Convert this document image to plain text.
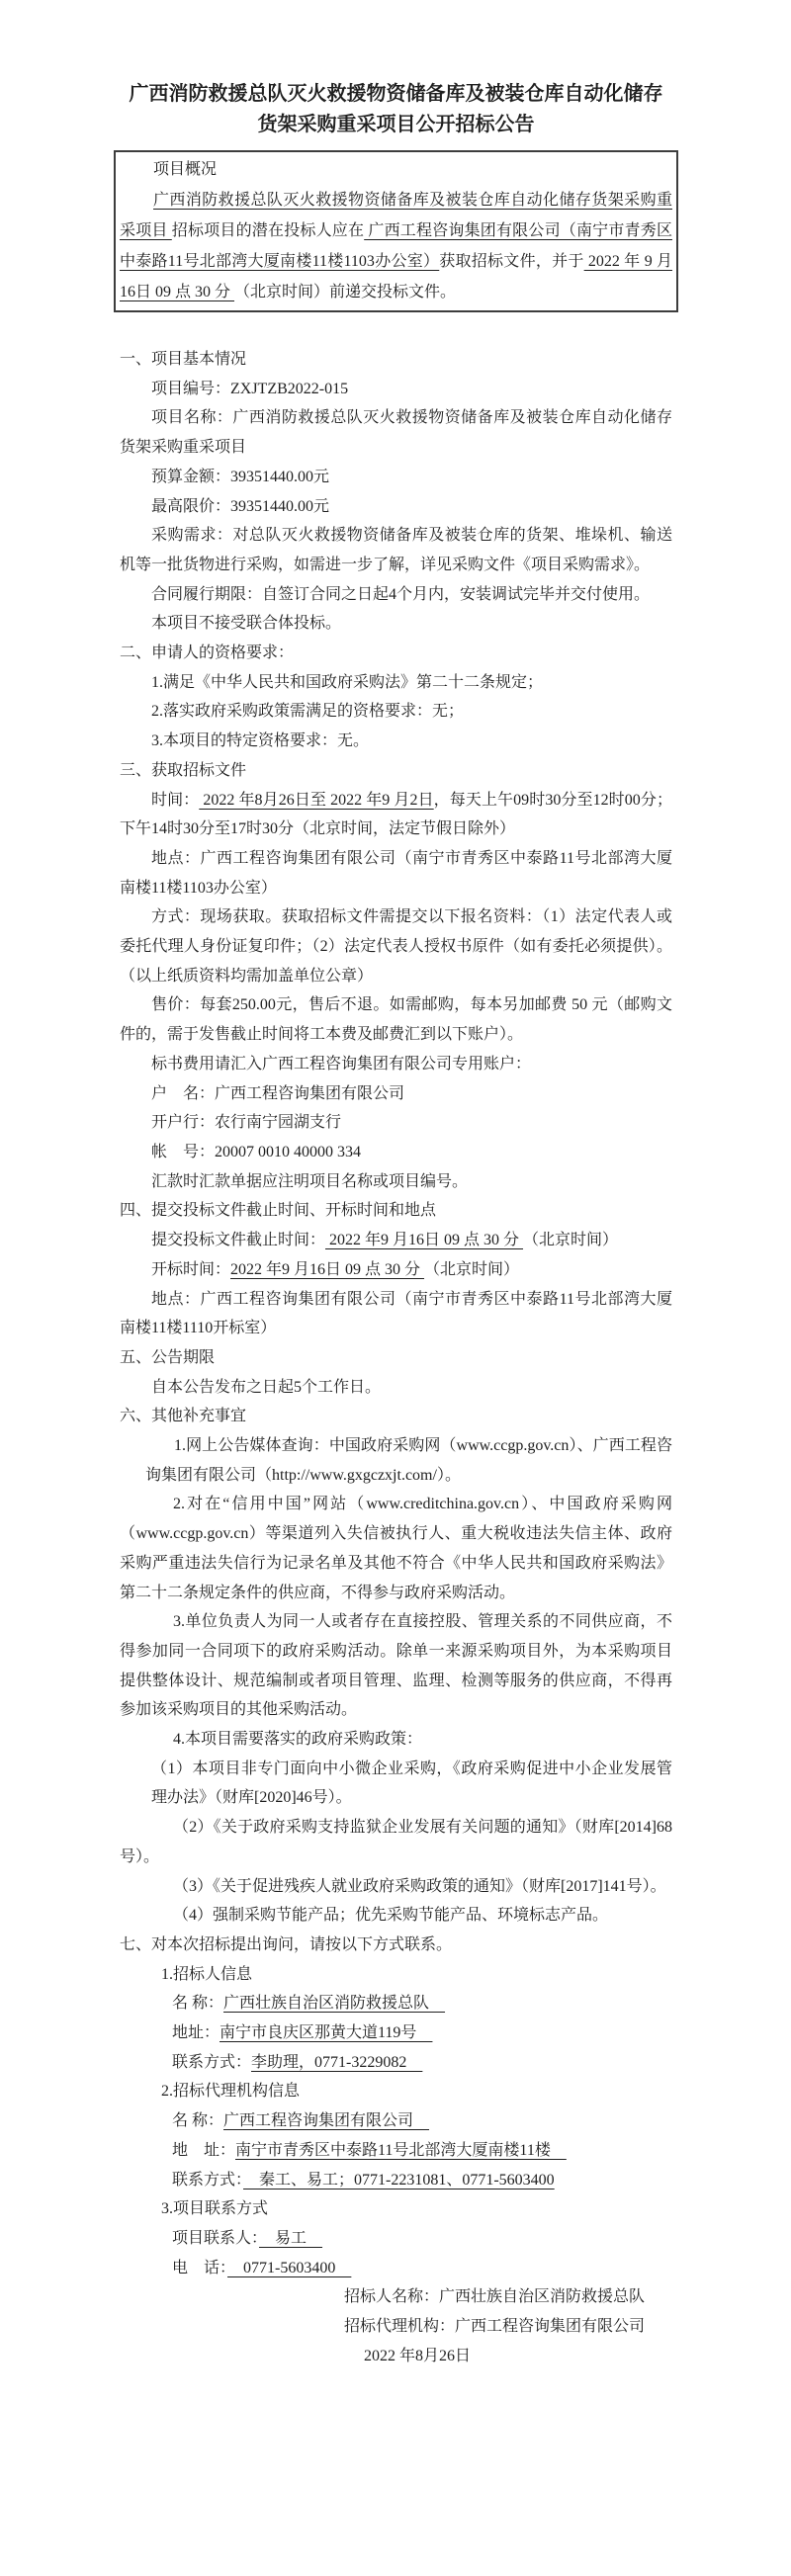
广西消防救援总队灭火救援物资储备库及被装仓库自动化储存

货架采购重采项目公开招标公告

项目概况

广西消防救援总队灭火救援物资储备库及被装仓库自动化储存货架采购重采项目 招标项目的潜在投标人应在 广西工程咨询集团有限公司（南宁市青秀区中泰路11号北部湾大厦南楼11楼1103办公室）获取招标文件，并于 2022 年 9 月16日 09 点 30 分 （北京时间）前递交投标文件。

一、项目基本情况

项目编号：ZXJTZB2022-015

项目名称：广西消防救援总队灭火救援物资储备库及被装仓库自动化储存货架采购重采项目

预算金额：39351440.00元

最高限价：39351440.00元

采购需求：对总队灭火救援物资储备库及被装仓库的货架、堆垛机、输送机等一批货物进行采购，如需进一步了解，详见采购文件《项目采购需求》。

合同履行期限：自签订合同之日起4个月内，安装调试完毕并交付使用。

本项目不接受联合体投标。

二、申请人的资格要求：

1.满足《中华人民共和国政府采购法》第二十二条规定；

2.落实政府采购政策需满足的资格要求：无；

3.本项目的特定资格要求：无。

三、获取招标文件

时间： 2022 年8月26日至 2022 年9 月2日，每天上午09时30分至12时00分；下午14时30分至17时30分（北京时间，法定节假日除外）

地点：广西工程咨询集团有限公司（南宁市青秀区中泰路11号北部湾大厦南楼11楼1103办公室）

方式：现场获取。获取招标文件需提交以下报名资料：（1）法定代表人或委托代理人身份证复印件；（2）法定代表人授权书原件（如有委托必须提供）。（以上纸质资料均需加盖单位公章）

售价：每套250.00元，售后不退。如需邮购，每本另加邮费 50 元（邮购文件的，需于发售截止时间将工本费及邮费汇到以下账户）。

标书费用请汇入广西工程咨询集团有限公司专用账户：

户　名：广西工程咨询集团有限公司

开户行：农行南宁园湖支行

帐　号：20007 0010 40000 334

汇款时汇款单据应注明项目名称或项目编号。

四、提交投标文件截止时间、开标时间和地点

提交投标文件截止时间： 2022 年9 月16日 09 点 30 分 （北京时间）

开标时间：2022 年9 月16日 09 点 30 分 （北京时间）

地点：广西工程咨询集团有限公司（南宁市青秀区中泰路11号北部湾大厦南楼11楼1110开标室）

五、公告期限

自本公告发布之日起5个工作日。

六、其他补充事宜

1.网上公告媒体查询：中国政府采购网（www.ccgp.gov.cn）、广西工程咨询集团有限公司（http://www.gxgczxjt.com/）。

2.对在“信用中国”网站（www.creditchina.gov.cn）、中国政府采购网（www.ccgp.gov.cn）等渠道列入失信被执行人、重大税收违法失信主体、政府采购严重违法失信行为记录名单及其他不符合《中华人民共和国政府采购法》第二十二条规定条件的供应商，不得参与政府采购活动。

3.单位负责人为同一人或者存在直接控股、管理关系的不同供应商，不得参加同一合同项下的政府采购活动。除单一来源采购项目外，为本采购项目提供整体设计、规范编制或者项目管理、监理、检测等服务的供应商，不得再参加该采购项目的其他采购活动。

4.本项目需要落实的政府采购政策：

（1）本项目非专门面向中小微企业采购，《政府采购促进中小企业发展管理办法》（财库[2020]46号）。

（2）《关于政府采购支持监狱企业发展有关问题的通知》（财库[2014]68号）。

（3）《关于促进残疾人就业政府采购政策的通知》（财库[2017]141号）。

（4）强制采购节能产品；优先采购节能产品、环境标志产品。

七、对本次招标提出询问，请按以下方式联系。

1.招标人信息

名 称：广西壮族自治区消防救援总队　

地址：南宁市良庆区那黄大道119号　

联系方式：李助理，0771-3229082　

2.招标代理机构信息

名 称：广西工程咨询集团有限公司　

地　址：南宁市青秀区中泰路11号北部湾大厦南楼11楼　

联系方式：　秦工、易工；0771-2231081、0771-5603400

3.项目联系方式

项目联系人：　易工　

电　话：　0771-5603400　

招标人名称：广西壮族自治区消防救援总队

招标代理机构：广西工程咨询集团有限公司

2022 年8月26日
